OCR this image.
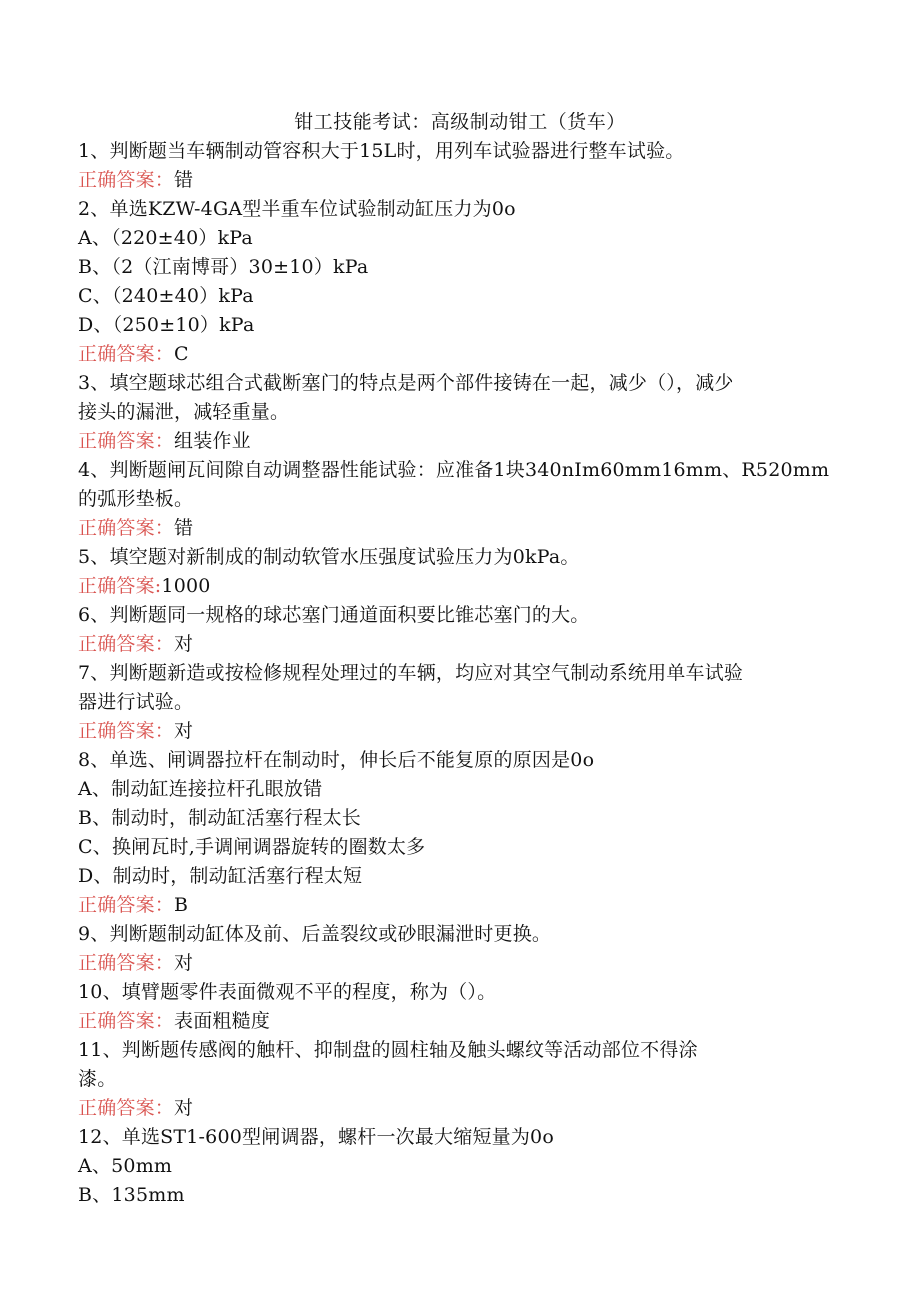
钳工技能考试：高级制动钳工（货车）
1、判断题当车辆制动管容积大于15L时，用列车试验器进行整车试验。
正确答案：错
2、单选KZW-4GA型半重车位试验制动缸压力为0o
A、（220±40）kPa
B、（2（江南博哥）30±10）kPa
C、（240±40）kPa
D、（250±10）kPa
正确答案：C
3、填空题球芯组合式截断塞门的特点是两个部件接铸在一起，减少（），减少
接头的漏泄，减轻重量。
正确答案：组装作业
4、判断题闸瓦间隙自动调整器性能试验：应准备1块340nIm60mm16mm、R520mm
的弧形垫板。
正确答案：错
5、填空题对新制成的制动软管水压强度试验压力为0kPa。
正确答案:1000
6、判断题同一规格的球芯塞门通道面积要比锥芯塞门的大。
正确答案：对
7、判断题新造或按检修规程处理过的车辆，均应对其空气制动系统用单车试验
器进行试验。
正确答案：对
8、单选、闸调器拉杆在制动时，伸长后不能复原的原因是0o
A、制动缸连接拉杆孔眼放错
B、制动时，制动缸活塞行程太长
C、换闸瓦时,手调闸调器旋转的圈数太多
D、制动时，制动缸活塞行程太短
正确答案：B
9、判断题制动缸体及前、后盖裂纹或砂眼漏泄时更换。
正确答案：对
10、填臂题零件表面微观不平的程度，称为（）。
正确答案：表面粗糙度
11、判断题传感阀的触杆、抑制盘的圆柱轴及触头螺纹等活动部位不得涂
漆。
正确答案：对
12、单选ST1-600型闸调器，螺杆一次最大缩短量为0o
A、50mm
B、135mm
